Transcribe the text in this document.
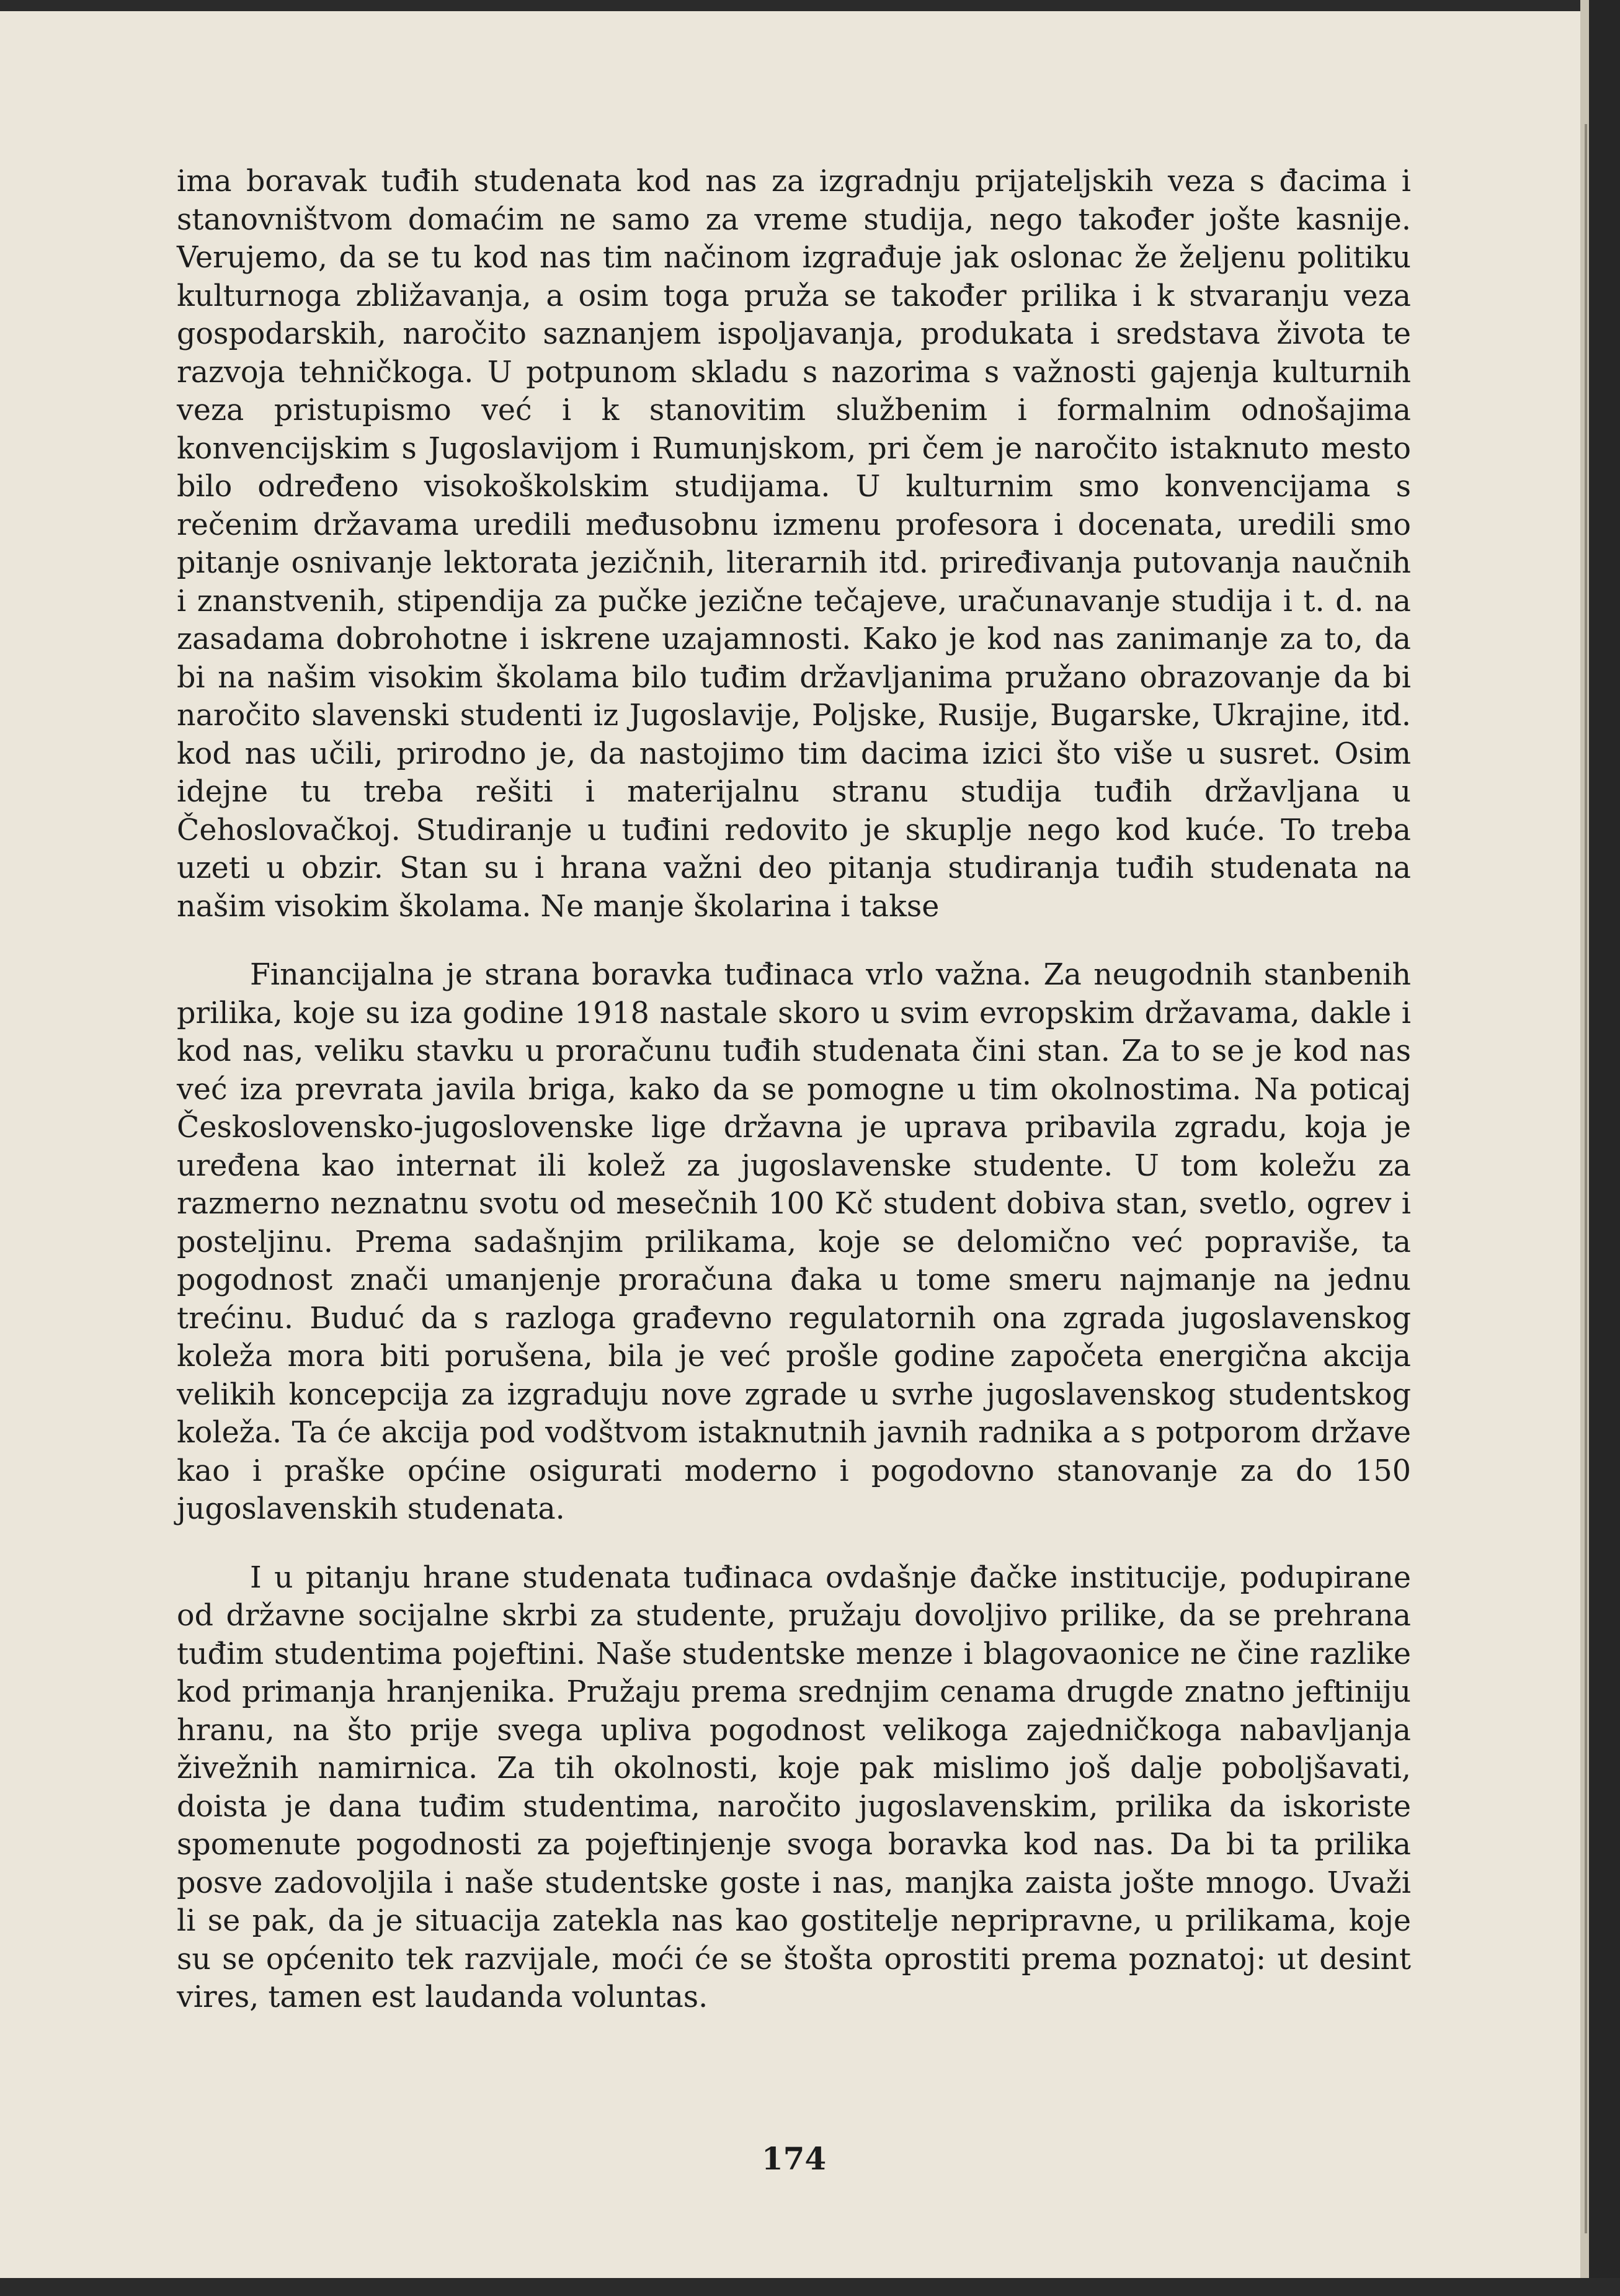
ima boravak tuđih studenata kod nas za izgradnju prijateljskih veza s đacima i stanovništvom domaćim ne samo za vreme studija, nego također jošte kasnije. Verujemo, da se tu kod nas tim načinom izgrađuje jak oslonac že željenu politiku kulturnoga zbližavanja, a osim toga pruža se također prilika i k stvaranju veza gospodarskih, naročito saznanjem ispoljavanja, produkata i sredstava života te razvoja tehničkoga. U potpunom skladu s nazorima s važnosti gajenja kulturnih veza pristupismo već i k stanovitim službenim i formalnim odnošajima konvencijskim s Jugoslavijom i Rumunjskom, pri čem je naročito istaknuto mesto bilo određeno visokoškolskim studijama. U kulturnim smo konvencijama s rečenim državama uredili međusobnu izmenu profesora i docenata, uredili smo pitanje osnivanje lektorata jezičnih, literarnih itd. priređivanja putovanja naučnih i znanstvenih, stipendija za pučke jezične tečajeve, uračunavanje studija i t. d. na zasadama dobrohotne i iskrene uzajamnosti. Kako je kod nas zanimanje za to, da bi na našim visokim školama bilo tuđim državljanima pružano obrazovanje da bi naročito slavenski studenti iz Jugoslavije, Poljske, Rusije, Bugarske, Ukrajine, itd. kod nas učili, prirodno je, da nastojimo tim dacima izici što više u susret. Osim idejne tu treba rešiti i materijalnu stranu studija tuđih državljana u Čehoslovačkoj. Studiranje u tuđini redovito je skuplje nego kod kuće. To treba uzeti u obzir. Stan su i hrana važni deo pitanja studiranja tuđih studenata na našim visokim školama. Ne manje školarina i takse

Financijalna je strana boravka tuđinaca vrlo važna. Za neugodnih stanbenih prilika, koje su iza godine 1918 nastale skoro u svim evropskim državama, dakle i kod nas, veliku stavku u proračunu tuđih studenata čini stan. Za to se je kod nas već iza prevrata javila briga, kako da se pomogne u tim okolnostima. Na poticaj Československo-jugoslovenske lige državna je uprava pribavila zgradu, koja je uređena kao internat ili kolež za jugoslavenske studente. U tom koležu za razmerno neznatnu svotu od mesečnih 100 Kč student dobiva stan, svetlo, ogrev i posteljinu. Prema sadašnjim prilikama, koje se delomično već popraviše, ta pogodnost znači umanjenje proračuna đaka u tome smeru najmanje na jednu trećinu. Buduć da s razloga građevno regulatornih ona zgrada jugoslavenskog koleža mora biti porušena, bila je već prošle godine započeta energična akcija velikih koncepcija za izgraduju nove zgrade u svrhe jugoslavenskog studentskog koleža. Ta će akcija pod vodštvom istaknutnih javnih radnika a s potporom države kao i praške općine osigurati moderno i pogodovno stanovanje za do 150 jugoslavenskih studenata.

I u pitanju hrane studenata tuđinaca ovdašnje đačke institucije, podupirane od državne socijalne skrbi za studente, pružaju dovoljivo prilike, da se prehrana tuđim studentima pojeftini. Naše studentske menze i blagovaonice ne čine razlike kod primanja hranjenika. Pružaju prema srednjim cenama drugde znatno jeftiniju hranu, na što prije svega upliva pogodnost velikoga zajedničkoga nabavljanja živežnih namirnica. Za tih okolnosti, koje pak mislimo još dalje poboljšavati, doista je dana tuđim studentima, naročito jugoslavenskim, prilika da iskoriste spomenute pogodnosti za pojeftinjenje svoga boravka kod nas. Da bi ta prilika posve zadovoljila i naše studentske goste i nas, manjka zaista jošte mnogo. Uvaži li se pak, da je situacija zatekla nas kao gostitelje nepripravne, u prilikama, koje su se općenito tek razvijale, moći će se štošta oprostiti prema poznatoj: ut desint vires, tamen est laudanda voluntas.

174
